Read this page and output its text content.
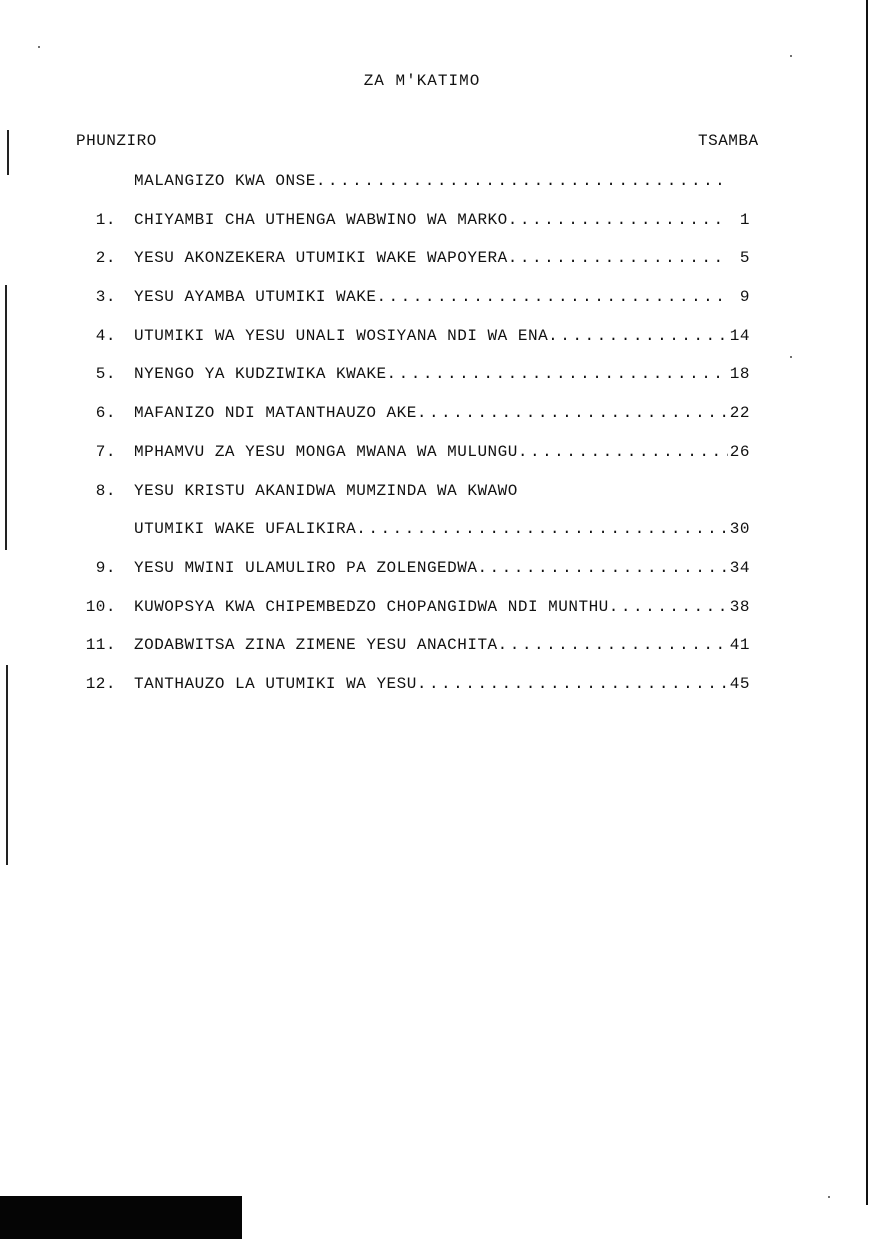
ZA M'KATIMO
PHUNZIRO	TSAMBA
MALANGIZO KWA ONSE
.....
1. CHIYAMBI CHA UTHENGA WABWINO WA MARKO .....	1
2. YESU AKONZEKERA UTUMIKI WAKE WAPOYERA .....	5
3. YESU AYAMBA UTUMIKI WAKE .....	9
4. UTUMIKI WA YESU UNALI WOSIYANA NDI WA ENA .....	14
5. NYENGO YA KUDZIWIKA KWAKE .....	18
6. MAFANIZO NDI MATANTHAUZO AKE .....	22
7. MPHAMVU ZA YESU MONGA MWANA WA MULUNGU .....	26
8. YESU KRISTU AKANIDWA MUMZINDA WA KWAWO
UTUMIKI WAKE UFALIKIRA .....	30
9. YESU MWINI ULAMULIRO PA ZOLENGEDWA .....	34
10. KUWOPSYA KWA CHIPEMBEDZO CHOPANGIDWA NDI MUNTHU .....	38
11. ZODABWITSA ZINA ZIMENE YESU ANACHITA .....	41
12. TANTHAUZO LA UTUMIKI WA YESU .....	45
